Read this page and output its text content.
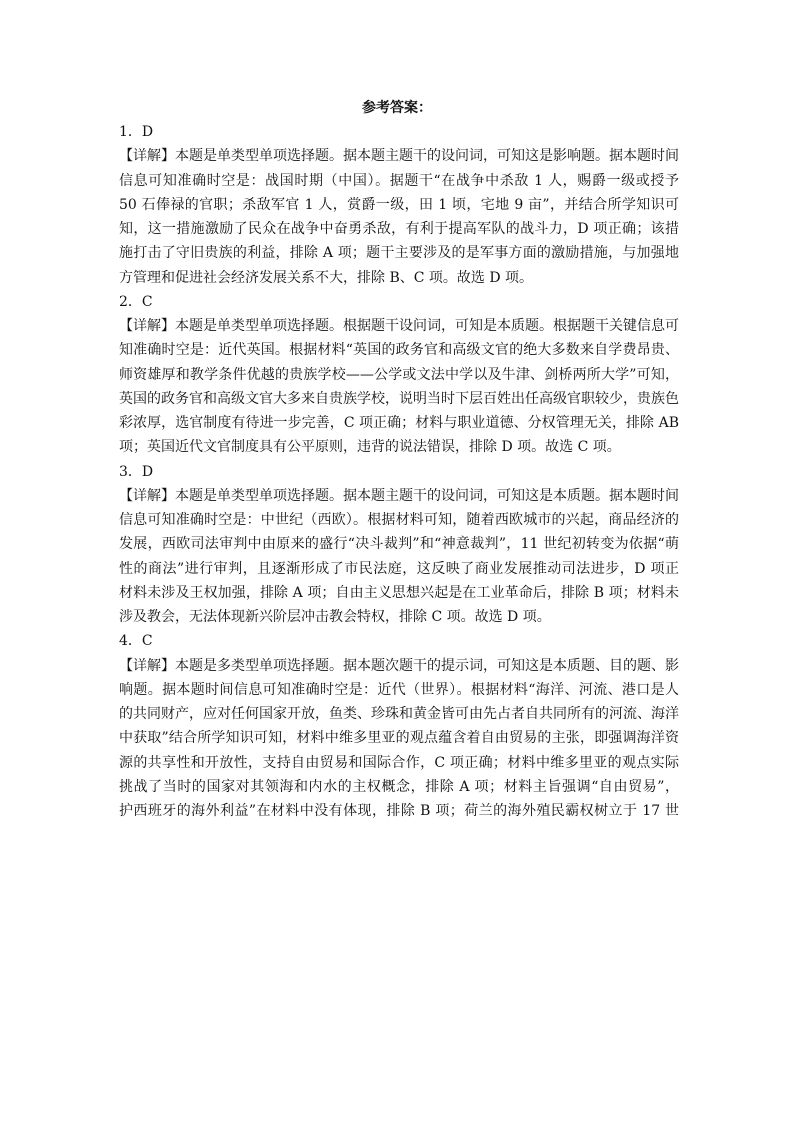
参考答案：
1．D
【详解】本题是单类型单项选择题。据本题主题干的设问词，可知这是影响题。据本题时间
信息可知准确时空是：战国时期（中国）。据题干“在战争中杀敌 1 人，赐爵一级或授予
50 石俸禄的官职；杀敌军官 1 人，赏爵一级，田 1 顷，宅地 9 亩”，并结合所学知识可
知，这一措施激励了民众在战争中奋勇杀敌，有利于提高军队的战斗力，D 项正确；该措
施打击了守旧贵族的利益，排除 A 项；题干主要涉及的是军事方面的激励措施，与加强地
方管理和促进社会经济发展关系不大，排除 B、C 项。故选 D 项。
2．C
【详解】本题是单类型单项选择题。根据题干设问词，可知是本质题。根据题干关键信息可
知准确时空是：近代英国。根据材料“英国的政务官和高级文官的绝大多数来自学费昂贵、
师资雄厚和教学条件优越的贵族学校——公学或文法中学以及牛津、剑桥两所大学”可知，
英国的政务官和高级文官大多来自贵族学校，说明当时下层百姓出任高级官职较少，贵族色
彩浓厚，选官制度有待进一步完善，C 项正确；材料与职业道德、分权管理无关，排除 AB
项；英国近代文官制度具有公平原则，违背的说法错误，排除 D 项。故选 C 项。
3．D
【详解】本题是单类型单项选择题。据本题主题干的设问词，可知这是本质题。据本题时间
信息可知准确时空是：中世纪（西欧）。根据材料可知，随着西欧城市的兴起，商品经济的
发展，西欧司法审判中由原来的盛行“决斗裁判”和“神意裁判”，11 世纪初转变为依据“萌
性的商法”进行审判，且逐渐形成了市民法庭，这反映了商业发展推动司法进步，D 项正
材料未涉及王权加强，排除 A 项；自由主义思想兴起是在工业革命后，排除 B 项；材料未
涉及教会，无法体现新兴阶层冲击教会特权，排除 C 项。故选 D 项。
4．C
【详解】本题是多类型单项选择题。据本题次题干的提示词，可知这是本质题、目的题、影
响题。据本题时间信息可知准确时空是：近代（世界）。根据材料“海洋、河流、港口是人
的共同财产，应对任何国家开放，鱼类、珍珠和黄金皆可由先占者自共同所有的河流、海洋
中获取”结合所学知识可知，材料中维多里亚的观点蕴含着自由贸易的主张，即强调海洋资
源的共享性和开放性，支持自由贸易和国际合作，C 项正确；材料中维多里亚的观点实际
挑战了当时的国家对其领海和内水的主权概念，排除 A 项；材料主旨强调“自由贸易”，
护西班牙的海外利益”在材料中没有体现，排除 B 项；荷兰的海外殖民霸权树立于 17 世
